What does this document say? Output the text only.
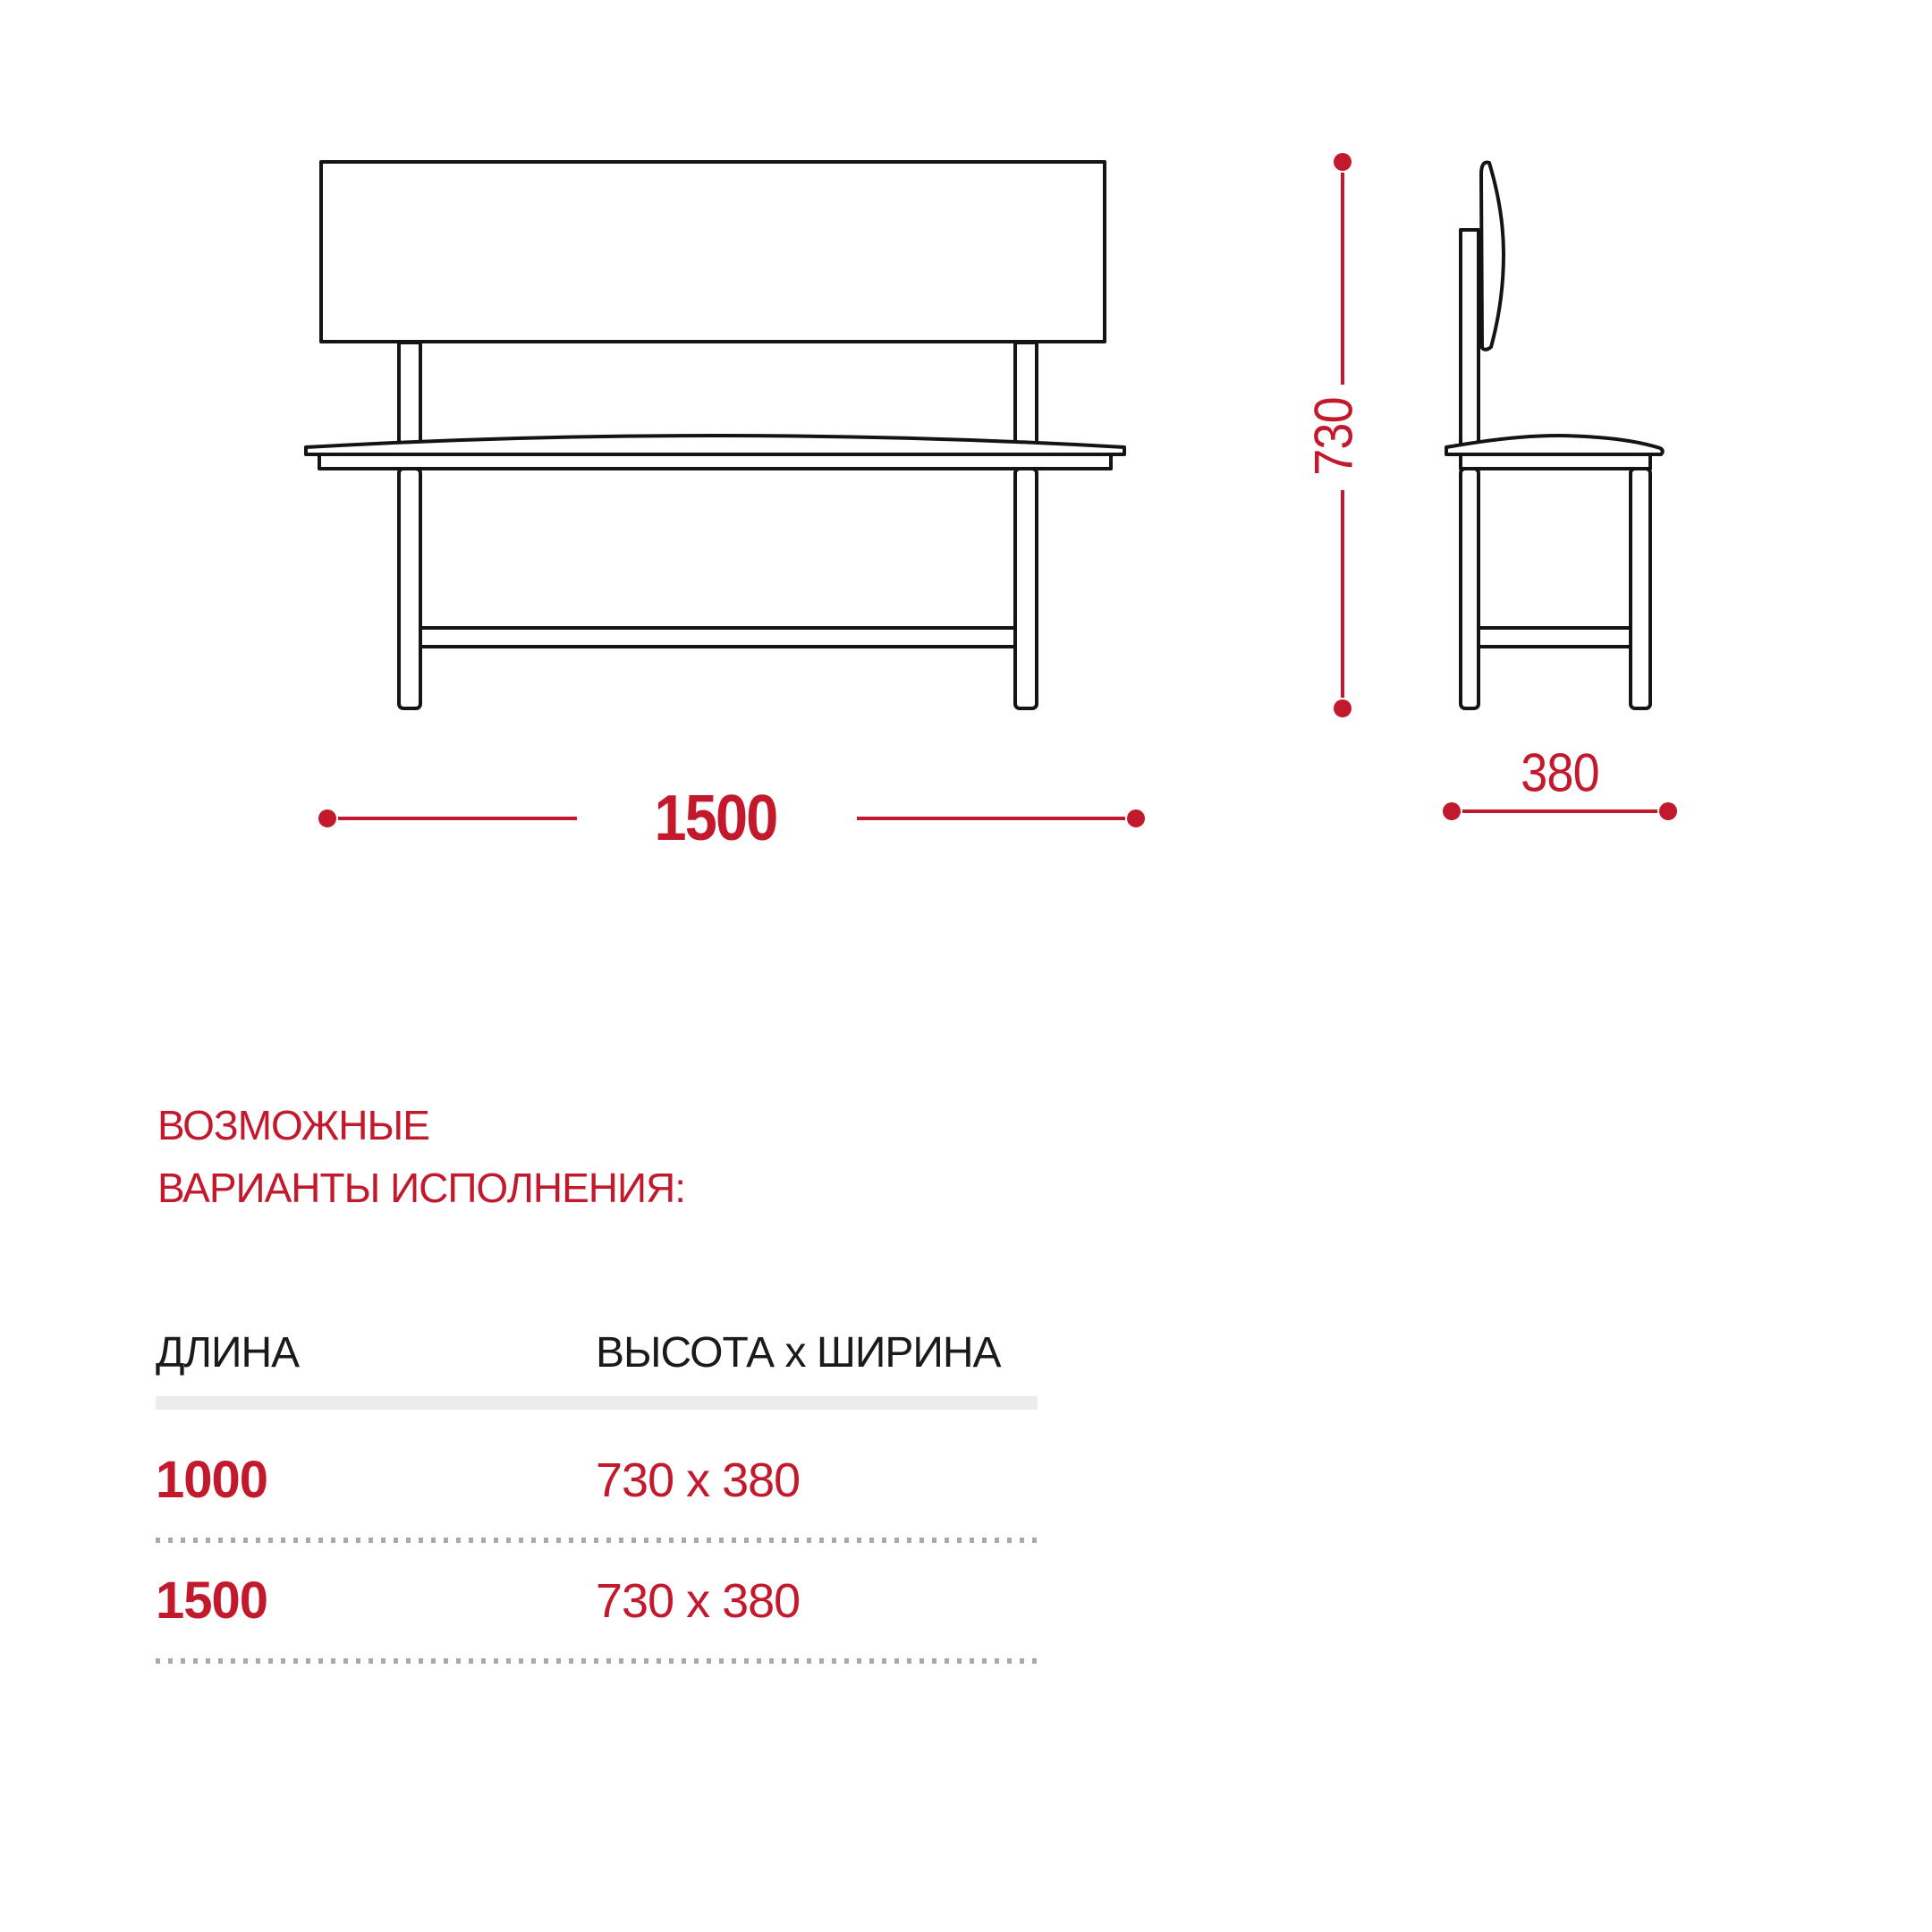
1500
730
380
ВОЗМОЖНЫЕ
ВАРИАНТЫ ИСПОЛНЕНИЯ:
ДЛИНА	ВЫСОТА x ШИРИНА
1000	730 x 380
1500	730 x 380
